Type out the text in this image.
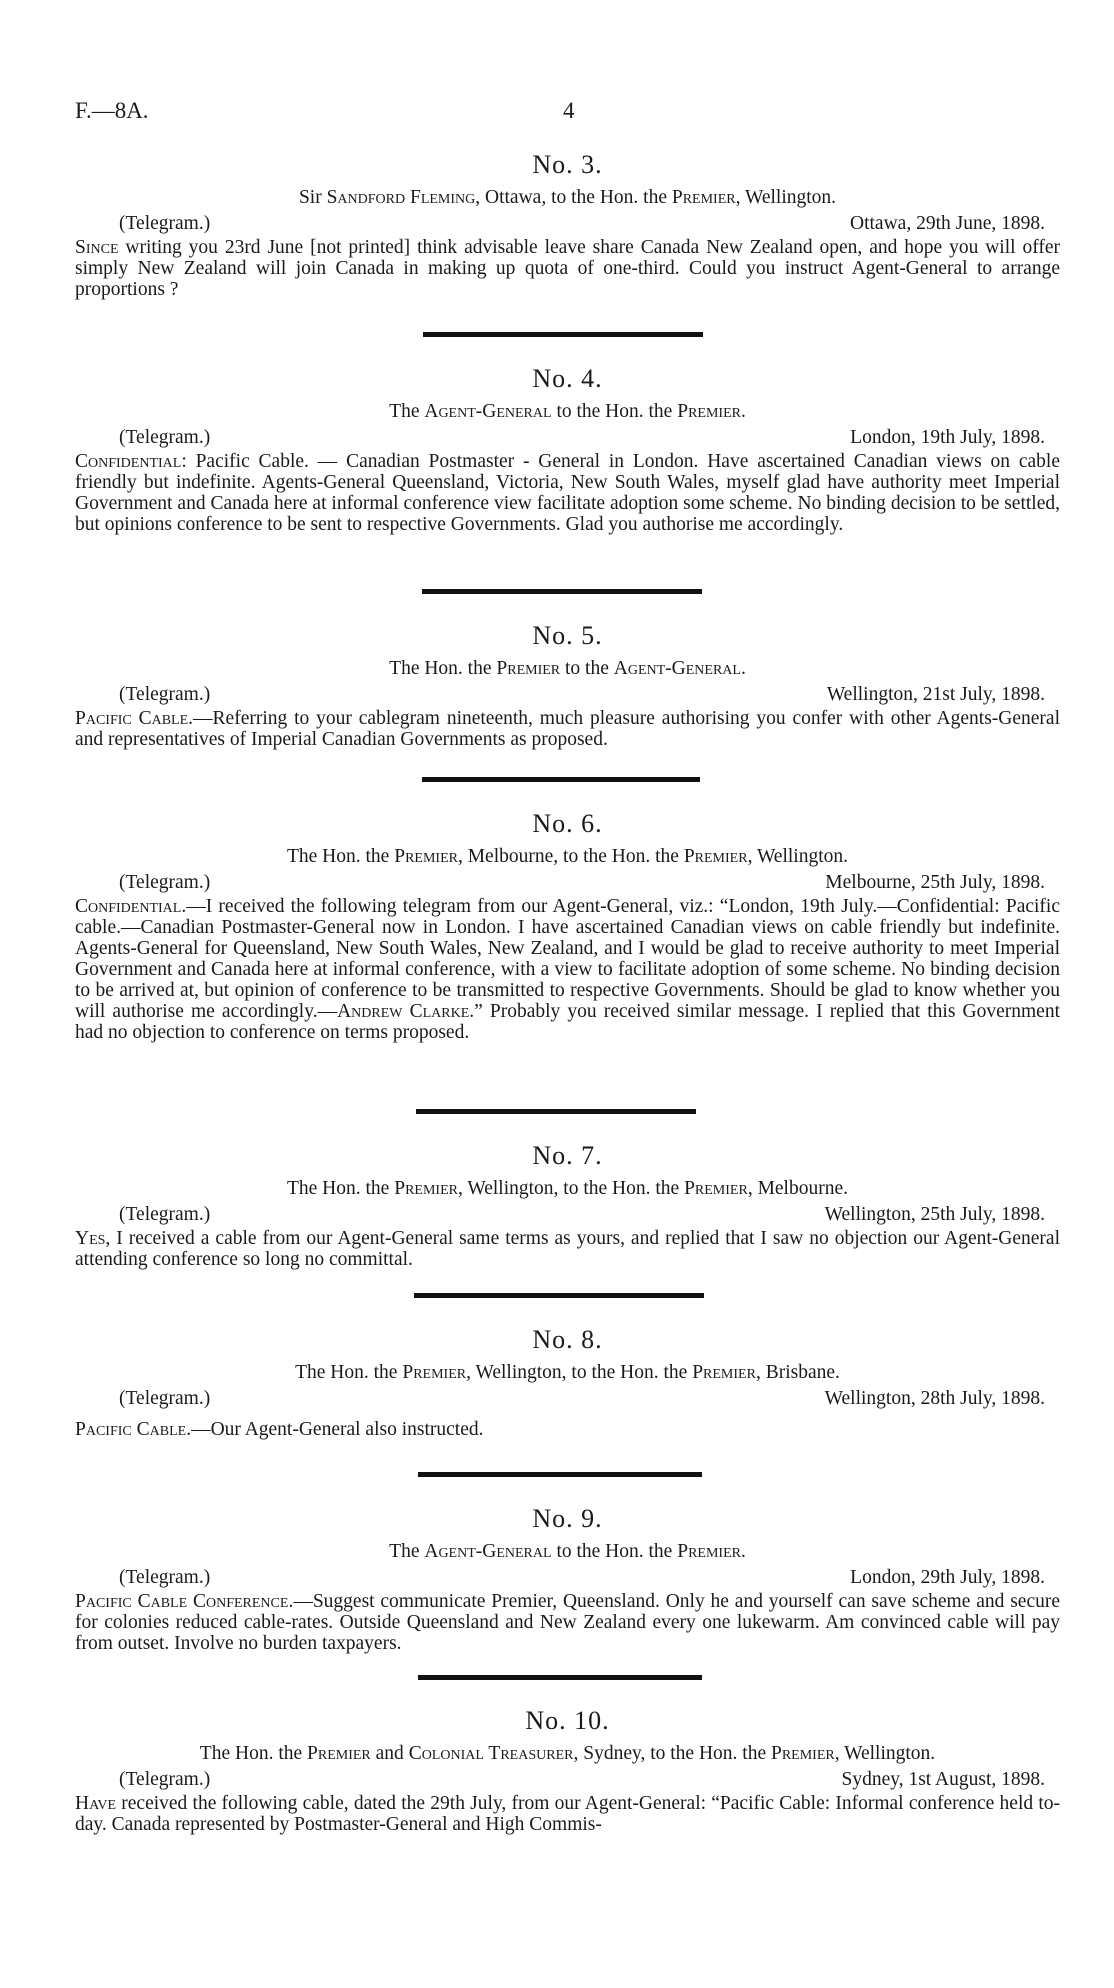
F.—8A.	4
No. 3.
Sir Sandford Fleming, Ottawa, to the Hon. the Premier, Wellington.
(Telegram.)	Ottawa, 29th June, 1898.
Since writing you 23rd June [not printed] think advisable leave share Canada New Zealand open, and hope you will offer simply New Zealand will join Canada in making up quota of one-third. Could you instruct Agent-General to arrange proportions ?
No. 4.
The Agent-General to the Hon. the Premier.
(Telegram.)	London, 19th July, 1898.
Confidential: Pacific Cable. — Canadian Postmaster - General in London. Have ascertained Canadian views on cable friendly but indefinite. Agents-General Queensland, Victoria, New South Wales, myself glad have authority meet Imperial Government and Canada here at informal conference view facilitate adoption some scheme. No binding decision to be settled, but opinions conference to be sent to respective Governments. Glad you authorise me accordingly.
No. 5.
The Hon. the Premier to the Agent-General.
(Telegram.)	Wellington, 21st July, 1898.
Pacific Cable.—Referring to your cablegram nineteenth, much pleasure authorising you confer with other Agents-General and representatives of Imperial Canadian Governments as proposed.
No. 6.
The Hon. the Premier, Melbourne, to the Hon. the Premier, Wellington.
(Telegram.)	Melbourne, 25th July, 1898.
Confidential.—I received the following telegram from our Agent-General, viz.: “London, 19th July.—Confidential: Pacific cable.—Canadian Postmaster-General now in London. I have ascertained Canadian views on cable friendly but indefinite. Agents-General for Queensland, New South Wales, New Zealand, and I would be glad to receive authority to meet Imperial Government and Canada here at informal conference, with a view to facilitate adoption of some scheme. No binding decision to be arrived at, but opinion of conference to be transmitted to respective Governments. Should be glad to know whether you will authorise me accordingly.—Andrew Clarke.” Probably you received similar message. I replied that this Government had no objection to conference on terms proposed.
No. 7.
The Hon. the Premier, Wellington, to the Hon. the Premier, Melbourne.
(Telegram.)	Wellington, 25th July, 1898.
Yes, I received a cable from our Agent-General same terms as yours, and replied that I saw no objection our Agent-General attending conference so long no committal.
No. 8.
The Hon. the Premier, Wellington, to the Hon. the Premier, Brisbane.
(Telegram.)	Wellington, 28th July, 1898.
Pacific Cable.—Our Agent-General also instructed.
No. 9.
The Agent-General to the Hon. the Premier.
(Telegram.)	London, 29th July, 1898.
Pacific Cable Conference.—Suggest communicate Premier, Queensland. Only he and yourself can save scheme and secure for colonies reduced cable-rates. Outside Queensland and New Zealand every one lukewarm. Am convinced cable will pay from outset. Involve no burden taxpayers.
No. 10.
The Hon. the Premier and Colonial Treasurer, Sydney, to the Hon. the Premier, Wellington.
(Telegram.)	Sydney, 1st August, 1898.
Have received the following cable, dated the 29th July, from our Agent-General: “Pacific Cable: Informal conference held to-day. Canada represented by Postmaster-General and High Commis-
